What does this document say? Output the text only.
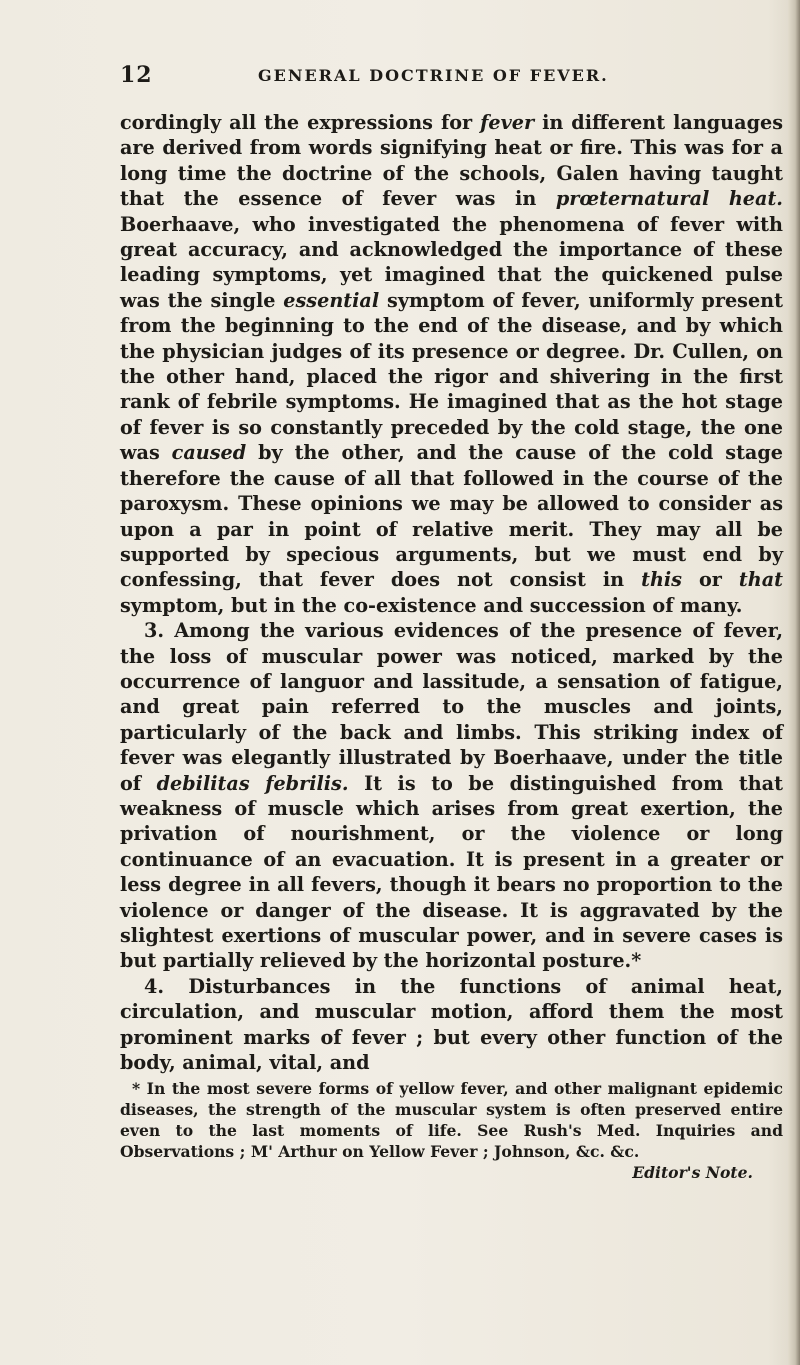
12	GENERAL DOCTRINE OF FEVER.

cordingly all the expressions for fever in different languages are derived from words signifying heat or fire. This was for a long time the doctrine of the schools, Galen having taught that the essence of fever was in prœternatural heat. Boerhaave, who investigated the phenomena of fever with great accuracy, and acknowledged the importance of these leading symptoms, yet imagined that the quickened pulse was the single essential symptom of fever, uniformly present from the beginning to the end of the disease, and by which the physician judges of its presence or degree. Dr. Cullen, on the other hand, placed the rigor and shivering in the first rank of febrile symptoms. He imagined that as the hot stage of fever is so constantly preceded by the cold stage, the one was caused by the other, and the cause of the cold stage therefore the cause of all that followed in the course of the paroxysm. These opinions we may be allowed to consider as upon a par in point of relative merit. They may all be supported by specious arguments, but we must end by confessing, that fever does not consist in this or that symptom, but in the co-existence and succession of many.

3. Among the various evidences of the presence of fever, the loss of muscular power was noticed, marked by the occurrence of languor and lassitude, a sensation of fatigue, and great pain referred to the muscles and joints, particularly of the back and limbs. This striking index of fever was elegantly illustrated by Boerhaave, under the title of debilitas febrilis. It is to be distinguished from that weakness of muscle which arises from great exertion, the privation of nourishment, or the violence or long continuance of an evacuation. It is present in a greater or less degree in all fevers, though it bears no proportion to the violence or danger of the disease. It is aggravated by the slightest exertions of muscular power, and in severe cases is but partially relieved by the horizontal posture.*

4. Disturbances in the functions of animal heat, circulation, and muscular motion, afford them the most prominent marks of fever ; but every other function of the body, animal, vital, and

* In the most severe forms of yellow fever, and other malignant epidemic diseases, the strength of the muscular system is often preserved entire even to the last moments of life. See Rush's Med. Inquiries and Observations ; M' Arthur on Yellow Fever ; Johnson, &c. &c.

Editor's Note.
